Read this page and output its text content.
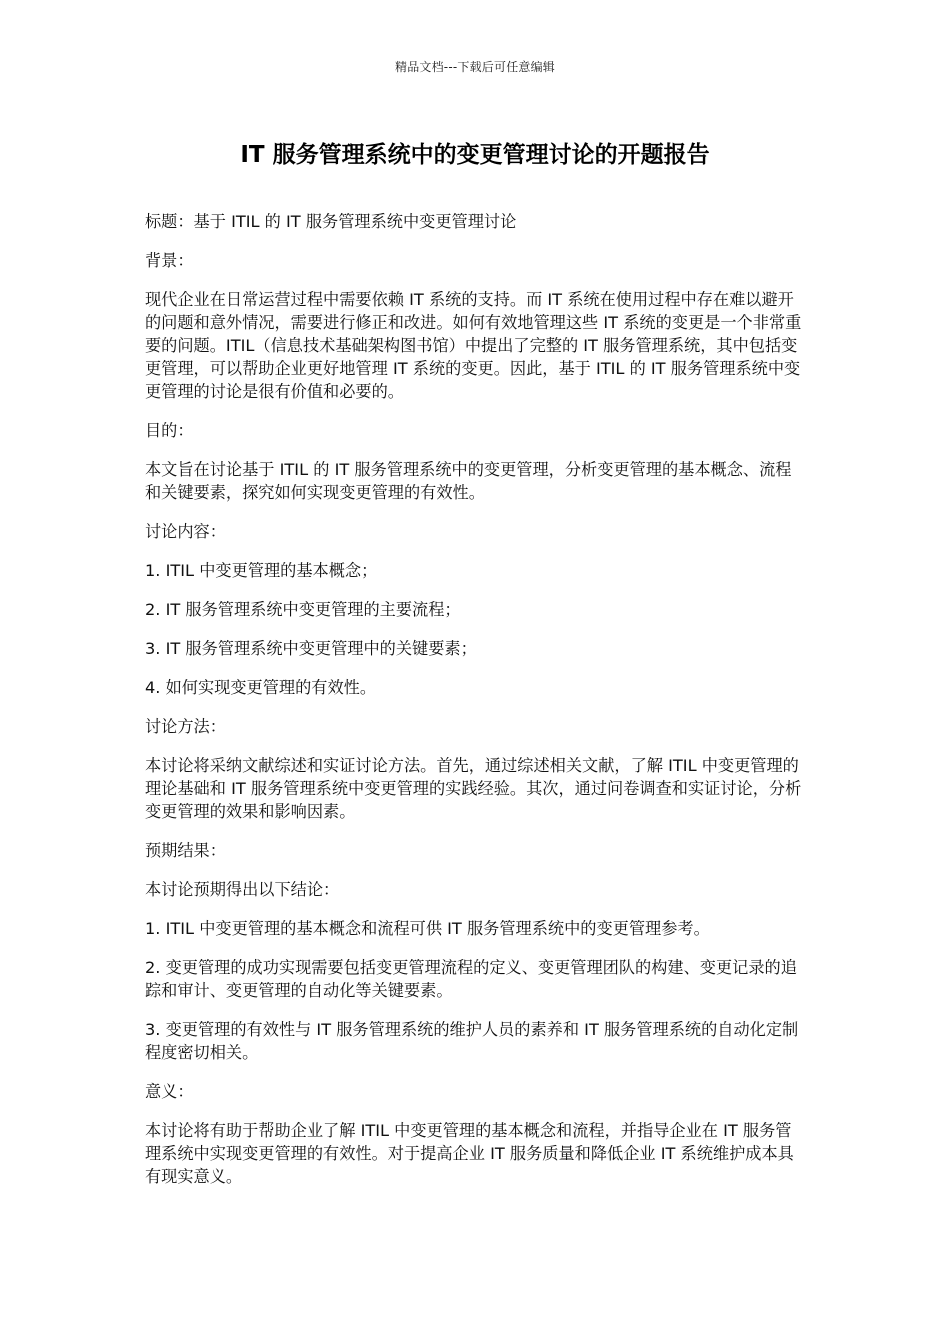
精品文档---下载后可任意编辑
IT 服务管理系统中的变更管理讨论的开题报告

标题：基于 ITIL 的 IT 服务管理系统中变更管理讨论

背景：

现代企业在日常运营过程中需要依赖 IT 系统的支持。而 IT 系统在使用过程中存在难以避开的问题和意外情况，需要进行修正和改进。如何有效地管理这些 IT 系统的变更是一个非常重要的问题。ITIL（信息技术基础架构图书馆）中提出了完整的 IT 服务管理系统，其中包括变更管理，可以帮助企业更好地管理 IT 系统的变更。因此，基于 ITIL 的 IT 服务管理系统中变更管理的讨论是很有价值和必要的。

目的：

本文旨在讨论基于 ITIL 的 IT 服务管理系统中的变更管理，分析变更管理的基本概念、流程和关键要素，探究如何实现变更管理的有效性。

讨论内容：

1. ITIL 中变更管理的基本概念；

2. IT 服务管理系统中变更管理的主要流程；

3. IT 服务管理系统中变更管理中的关键要素；

4. 如何实现变更管理的有效性。

讨论方法：

本讨论将采纳文献综述和实证讨论方法。首先，通过综述相关文献，了解 ITIL 中变更管理的理论基础和 IT 服务管理系统中变更管理的实践经验。其次，通过问卷调查和实证讨论，分析变更管理的效果和影响因素。

预期结果：

本讨论预期得出以下结论：

1. ITIL 中变更管理的基本概念和流程可供 IT 服务管理系统中的变更管理参考。

2. 变更管理的成功实现需要包括变更管理流程的定义、变更管理团队的构建、变更记录的追踪和审计、变更管理的自动化等关键要素。

3. 变更管理的有效性与 IT 服务管理系统的维护人员的素养和 IT 服务管理系统的自动化定制程度密切相关。

意义：

本讨论将有助于帮助企业了解 ITIL 中变更管理的基本概念和流程，并指导企业在 IT 服务管理系统中实现变更管理的有效性。对于提高企业 IT 服务质量和降低企业 IT 系统维护成本具有现实意义。
